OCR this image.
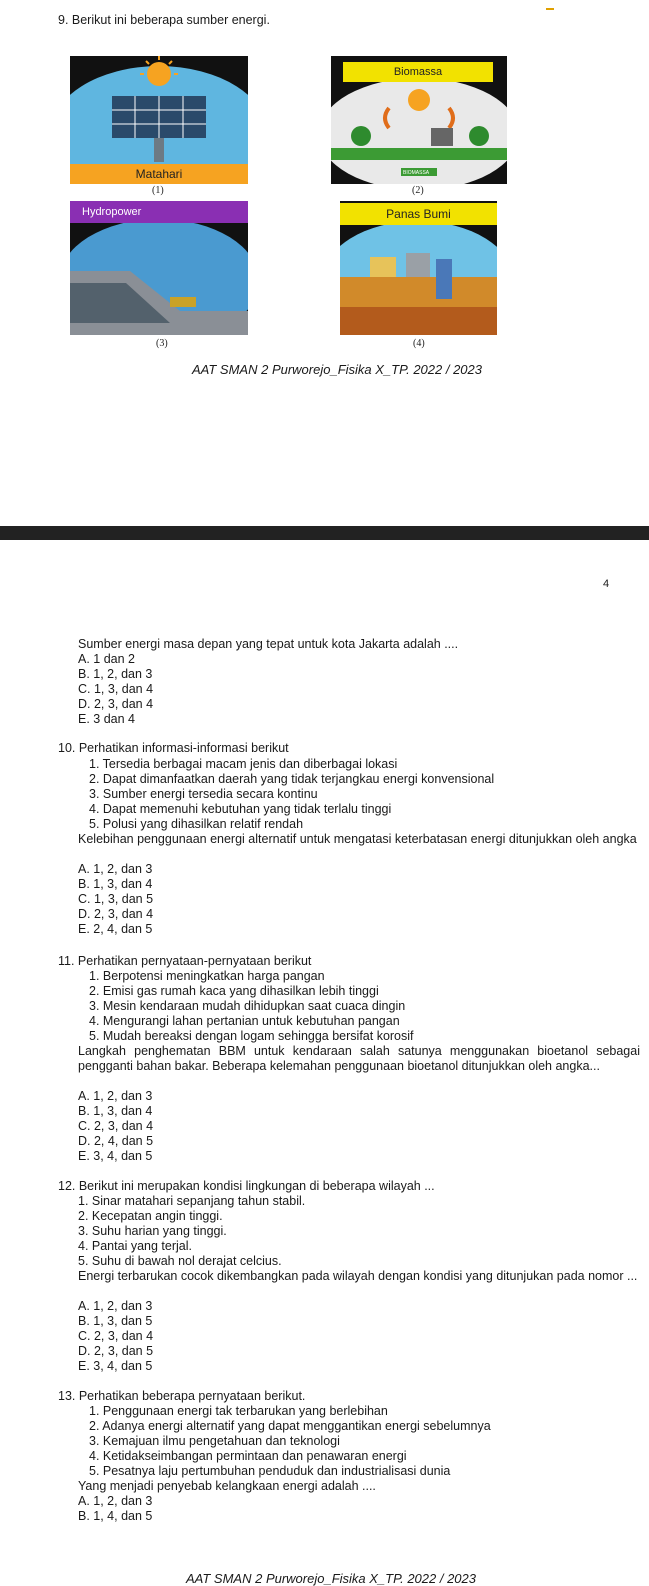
9. Berikut ini beberapa sumber energi.
Matahari
(1)
Biomassa
BIOMASSA
(2)
Hydropower
(3)
Panas Bumi
(4)
AAT SMAN 2 Purworejo_Fisika X_TP. 2022 / 2023
4
Sumber energi masa depan yang tepat untuk kota Jakarta adalah ....
A. 1 dan 2
B. 1, 2, dan 3
C. 1, 3, dan 4
D. 2, 3, dan 4
E. 3 dan 4
10. Perhatikan informasi-informasi berikut
1. Tersedia berbagai macam jenis dan diberbagai lokasi
2. Dapat dimanfaatkan daerah yang tidak terjangkau energi konvensional
3. Sumber energi tersedia secara kontinu
4. Dapat memenuhi kebutuhan yang tidak terlalu tinggi
5. Polusi yang dihasilkan relatif rendah
Kelebihan penggunaan energi alternatif untuk mengatasi keterbatasan energi ditunjukkan oleh angka
A. 1, 2, dan 3
B. 1, 3, dan 4
C. 1, 3, dan 5
D. 2, 3, dan 4
E. 2, 4, dan 5
11. Perhatikan pernyataan-pernyataan berikut
1. Berpotensi meningkatkan harga pangan
2. Emisi gas rumah kaca yang dihasilkan lebih tinggi
3. Mesin kendaraan mudah dihidupkan saat cuaca dingin
4. Mengurangi lahan pertanian untuk kebutuhan pangan
5. Mudah bereaksi dengan logam sehingga bersifat korosif
Langkah penghematan BBM untuk kendaraan salah satunya menggunakan bioetanol sebagai pengganti bahan bakar. Beberapa kelemahan penggunaan bioetanol ditunjukkan oleh angka...
A. 1, 2, dan 3
B. 1, 3, dan 4
C. 2, 3, dan 4
D. 2, 4, dan 5
E. 3, 4, dan 5
12. Berikut ini merupakan kondisi lingkungan di beberapa wilayah ...
1. Sinar matahari sepanjang tahun stabil.
2. Kecepatan angin tinggi.
3. Suhu harian yang tinggi.
4. Pantai yang terjal.
5. Suhu di bawah nol derajat celcius.
Energi terbarukan cocok dikembangkan pada wilayah dengan kondisi yang ditunjukan pada nomor ...
A. 1, 2, dan 3
B. 1, 3, dan 5
C. 2, 3, dan 4
D. 2, 3, dan 5
E. 3, 4, dan 5
13. Perhatikan beberapa pernyataan berikut.
1. Penggunaan energi tak terbarukan yang berlebihan
2. Adanya energi alternatif yang dapat menggantikan energi sebelumnya
3. Kemajuan ilmu pengetahuan dan teknologi
4. Ketidakseimbangan permintaan dan penawaran energi
5. Pesatnya laju pertumbuhan penduduk dan industrialisasi dunia
Yang menjadi penyebab kelangkaan energi adalah ....
A. 1, 2, dan 3
B. 1, 4, dan 5
AAT SMAN 2 Purworejo_Fisika X_TP. 2022 / 2023
